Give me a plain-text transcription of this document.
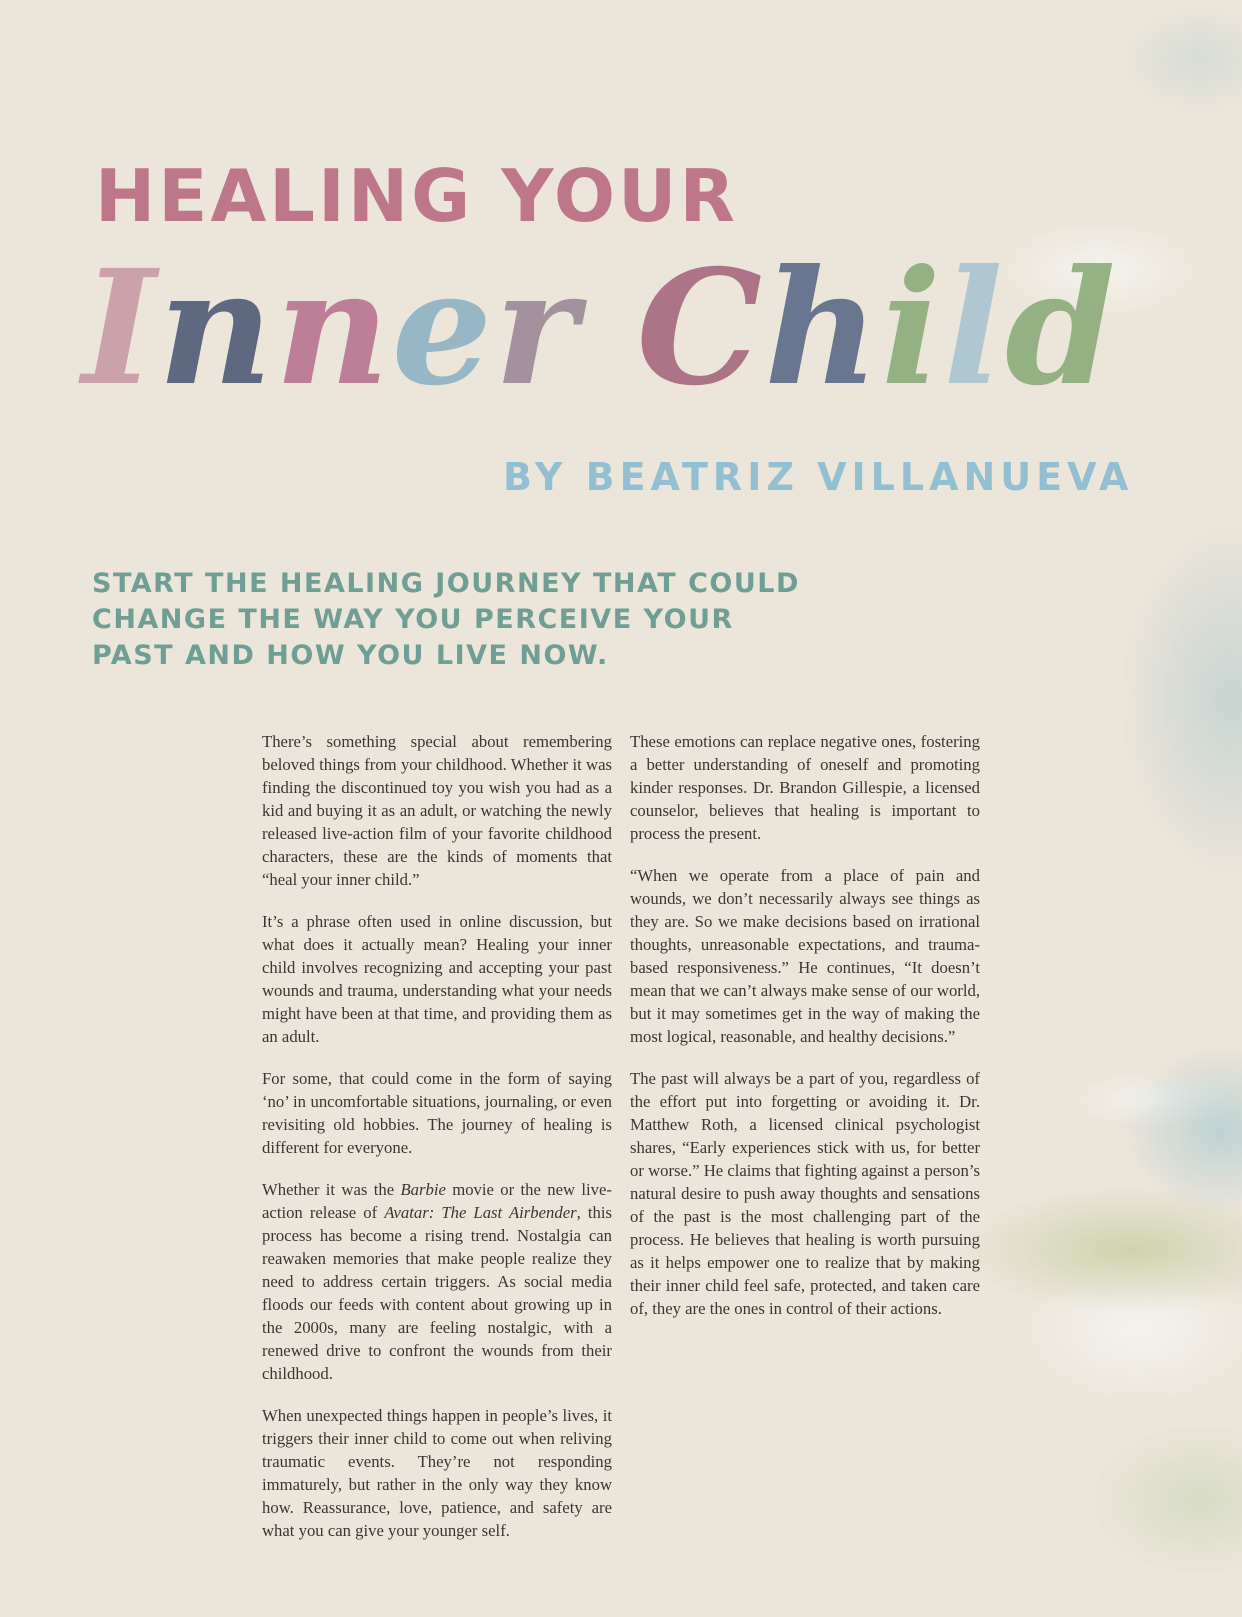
HEALING YOUR
Inner Child
BY BEATRIZ VILLANUEVA

START THE HEALING JOURNEY THAT COULD CHANGE THE WAY YOU PERCEIVE YOUR PAST AND HOW YOU LIVE NOW.

There’s something special about remembering beloved things from your childhood. Whether it was finding the discontinued toy you wish you had as a kid and buying it as an adult, or watching the newly released live-action film of your favorite childhood characters, these are the kinds of moments that “heal your inner child.”

It’s a phrase often used in online discussion, but what does it actually mean? Healing your inner child involves recognizing and accepting your past wounds and trauma, understanding what your needs might have been at that time, and providing them as an adult.

For some, that could come in the form of saying ‘no’ in uncomfortable situations, journaling, or even revisiting old hobbies. The journey of healing is different for everyone.

Whether it was the Barbie movie or the new live-action release of Avatar: The Last Airbender, this process has become a rising trend. Nostalgia can reawaken memories that make people realize they need to address certain triggers. As social media floods our feeds with content about growing up in the 2000s, many are feeling nostalgic, with a renewed drive to confront the wounds from their childhood.

When unexpected things happen in people’s lives, it triggers their inner child to come out when reliving traumatic events. They’re not responding immaturely, but rather in the only way they know how. Reassurance, love, patience, and safety are what you can give your younger self.

These emotions can replace negative ones, fostering a better understanding of oneself and promoting kinder responses. Dr. Brandon Gillespie, a licensed counselor, believes that healing is important to process the present.

“When we operate from a place of pain and wounds, we don’t necessarily always see things as they are. So we make decisions based on irrational thoughts, unreasonable expectations, and trauma-based responsiveness.” He continues, “It doesn’t mean that we can’t always make sense of our world, but it may sometimes get in the way of making the most logical, reasonable, and healthy decisions.”

The past will always be a part of you, regardless of the effort put into forgetting or avoiding it. Dr. Matthew Roth, a licensed clinical psychologist shares, “Early experiences stick with us, for better or worse.” He claims that fighting against a person’s natural desire to push away thoughts and sensations of the past is the most challenging part of the process. He believes that healing is worth pursuing as it helps empower one to realize that by making their inner child feel safe, protected, and taken care of, they are the ones in control of their actions.
